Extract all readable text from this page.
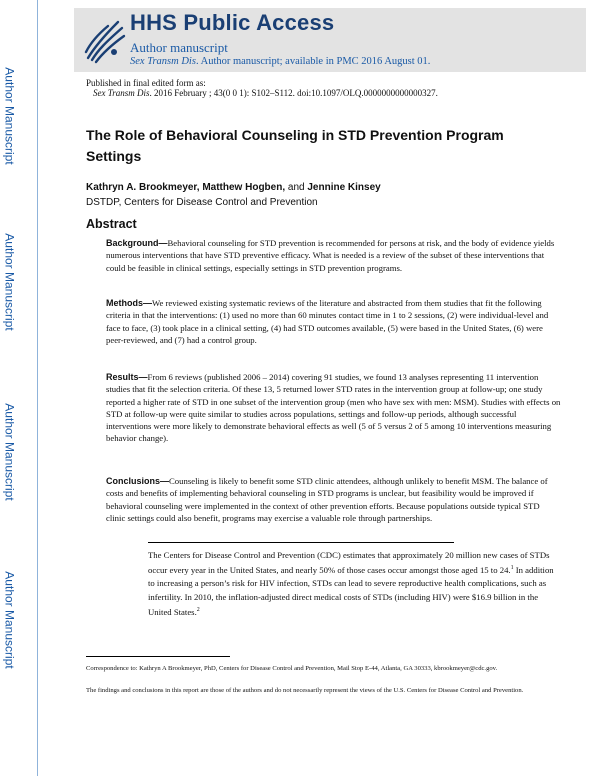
Author Manuscript
Author Manuscript
Author Manuscript
Author Manuscript
HHS Public Access
Author manuscript
Sex Transm Dis. Author manuscript; available in PMC 2016 August 01.
Published in final edited form as:
Sex Transm Dis. 2016 February ; 43(0 0 1): S102–S112. doi:10.1097/OLQ.0000000000000327.
The Role of Behavioral Counseling in STD Prevention Program Settings
Kathryn A. Brookmeyer, Matthew Hogben, and Jennine Kinsey
DSTDP, Centers for Disease Control and Prevention
Abstract
Background—Behavioral counseling for STD prevention is recommended for persons at risk, and the body of evidence yields numerous interventions that have STD preventive efficacy. What is needed is a review of the subset of these interventions that could be feasible in clinical settings, especially settings in STD prevention programs.
Methods—We reviewed existing systematic reviews of the literature and abstracted from them studies that fit the following criteria in that the interventions: (1) used no more than 60 minutes contact time in 1 to 2 sessions, (2) were individual-level and face to face, (3) took place in a clinical setting, (4) had STD outcomes available, (5) were based in the United States, (6) were peer-reviewed, and (7) had a control group.
Results—From 6 reviews (published 2006 – 2014) covering 91 studies, we found 13 analyses representing 11 intervention studies that fit the selection criteria. Of these 13, 5 returned lower STD rates in the intervention group at follow-up; one study reported a higher rate of STD in one subset of the intervention group (men who have sex with men: MSM). Studies with effects on STD at follow-up were quite similar to studies across populations, settings and follow-up periods, although successful interventions were more likely to demonstrate behavioral effects as well (5 of 5 versus 2 of 5 among 10 interventions measuring behavior change).
Conclusions—Counseling is likely to benefit some STD clinic attendees, although unlikely to benefit MSM. The balance of costs and benefits of implementing behavioral counseling in STD programs is unclear, but feasibility would be improved if behavioral counseling were implemented in the context of other prevention efforts. Because populations outside typical STD clinic settings could also benefit, programs may exercise a valuable role through partnerships.
The Centers for Disease Control and Prevention (CDC) estimates that approximately 20 million new cases of STDs occur every year in the United States, and nearly 50% of those cases occur amongst those aged 15 to 24.$^1$ In addition to increasing a person’s risk for HIV infection, STDs can lead to severe reproductive health complications, such as infertility. In 2010, the inflation-adjusted direct medical costs of STDs (including HIV) were $16.9 billion in the United States.$^2$
Correspondence to: Kathryn A Brookmeyer, PhD, Centers for Disease Control and Prevention, Mail Stop E-44, Atlanta, GA 30333, kbrookmeyer@cdc.gov.
The findings and conclusions in this report are those of the authors and do not necessarily represent the views of the U.S. Centers for Disease Control and Prevention.
